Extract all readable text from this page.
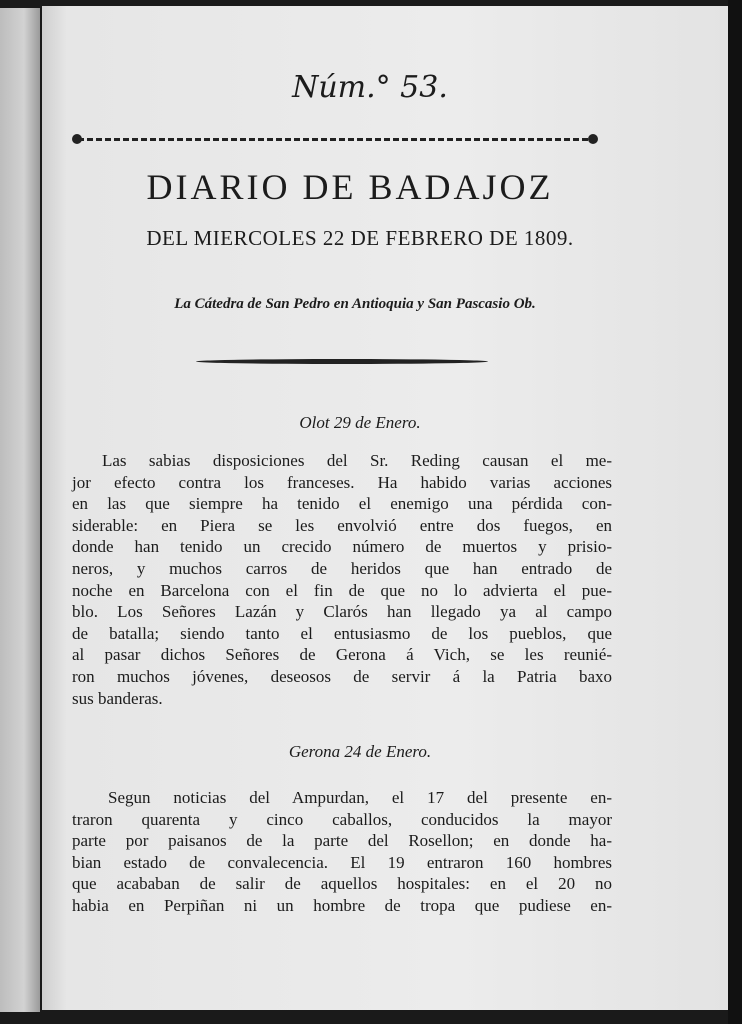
Núm.° 53.
DIARIO DE BADAJOZ
DEL MIERCOLES 22 DE FEBRERO DE 1809.
La Cátedra de San Pedro en Antioquia y San Pascasio Ob.
Olot 29 de Enero.
Las sabias disposiciones del Sr. Reding causan el me-
jor efecto contra los franceses. Ha habido varias acciones
en las que siempre ha tenido el enemigo una pérdida con-
siderable: en Piera se les envolvió entre dos fuegos, en
donde han tenido un crecido número de muertos y prisio-
neros, y muchos carros de heridos que han entrado de
noche en Barcelona con el fin de que no lo advierta el pue-
blo. Los Señores Lazán y Clarós han llegado ya al campo
de batalla; siendo tanto el entusiasmo de los pueblos, que
al pasar dichos Señores de Gerona á Vich, se les reunié-
ron muchos jóvenes, deseosos de servir á la Patria baxo
sus banderas.
Gerona 24 de Enero.
Segun noticias del Ampurdan, el 17 del presente en-
traron quarenta y cinco caballos, conducidos la mayor
parte por paisanos de la parte del Rosellon; en donde ha-
bian estado de convalecencia. El 19 entraron 160 hombres
que acababan de salir de aquellos hospitales: en el 20 no
habia en Perpiñan ni un hombre de tropa que pudiese en-
